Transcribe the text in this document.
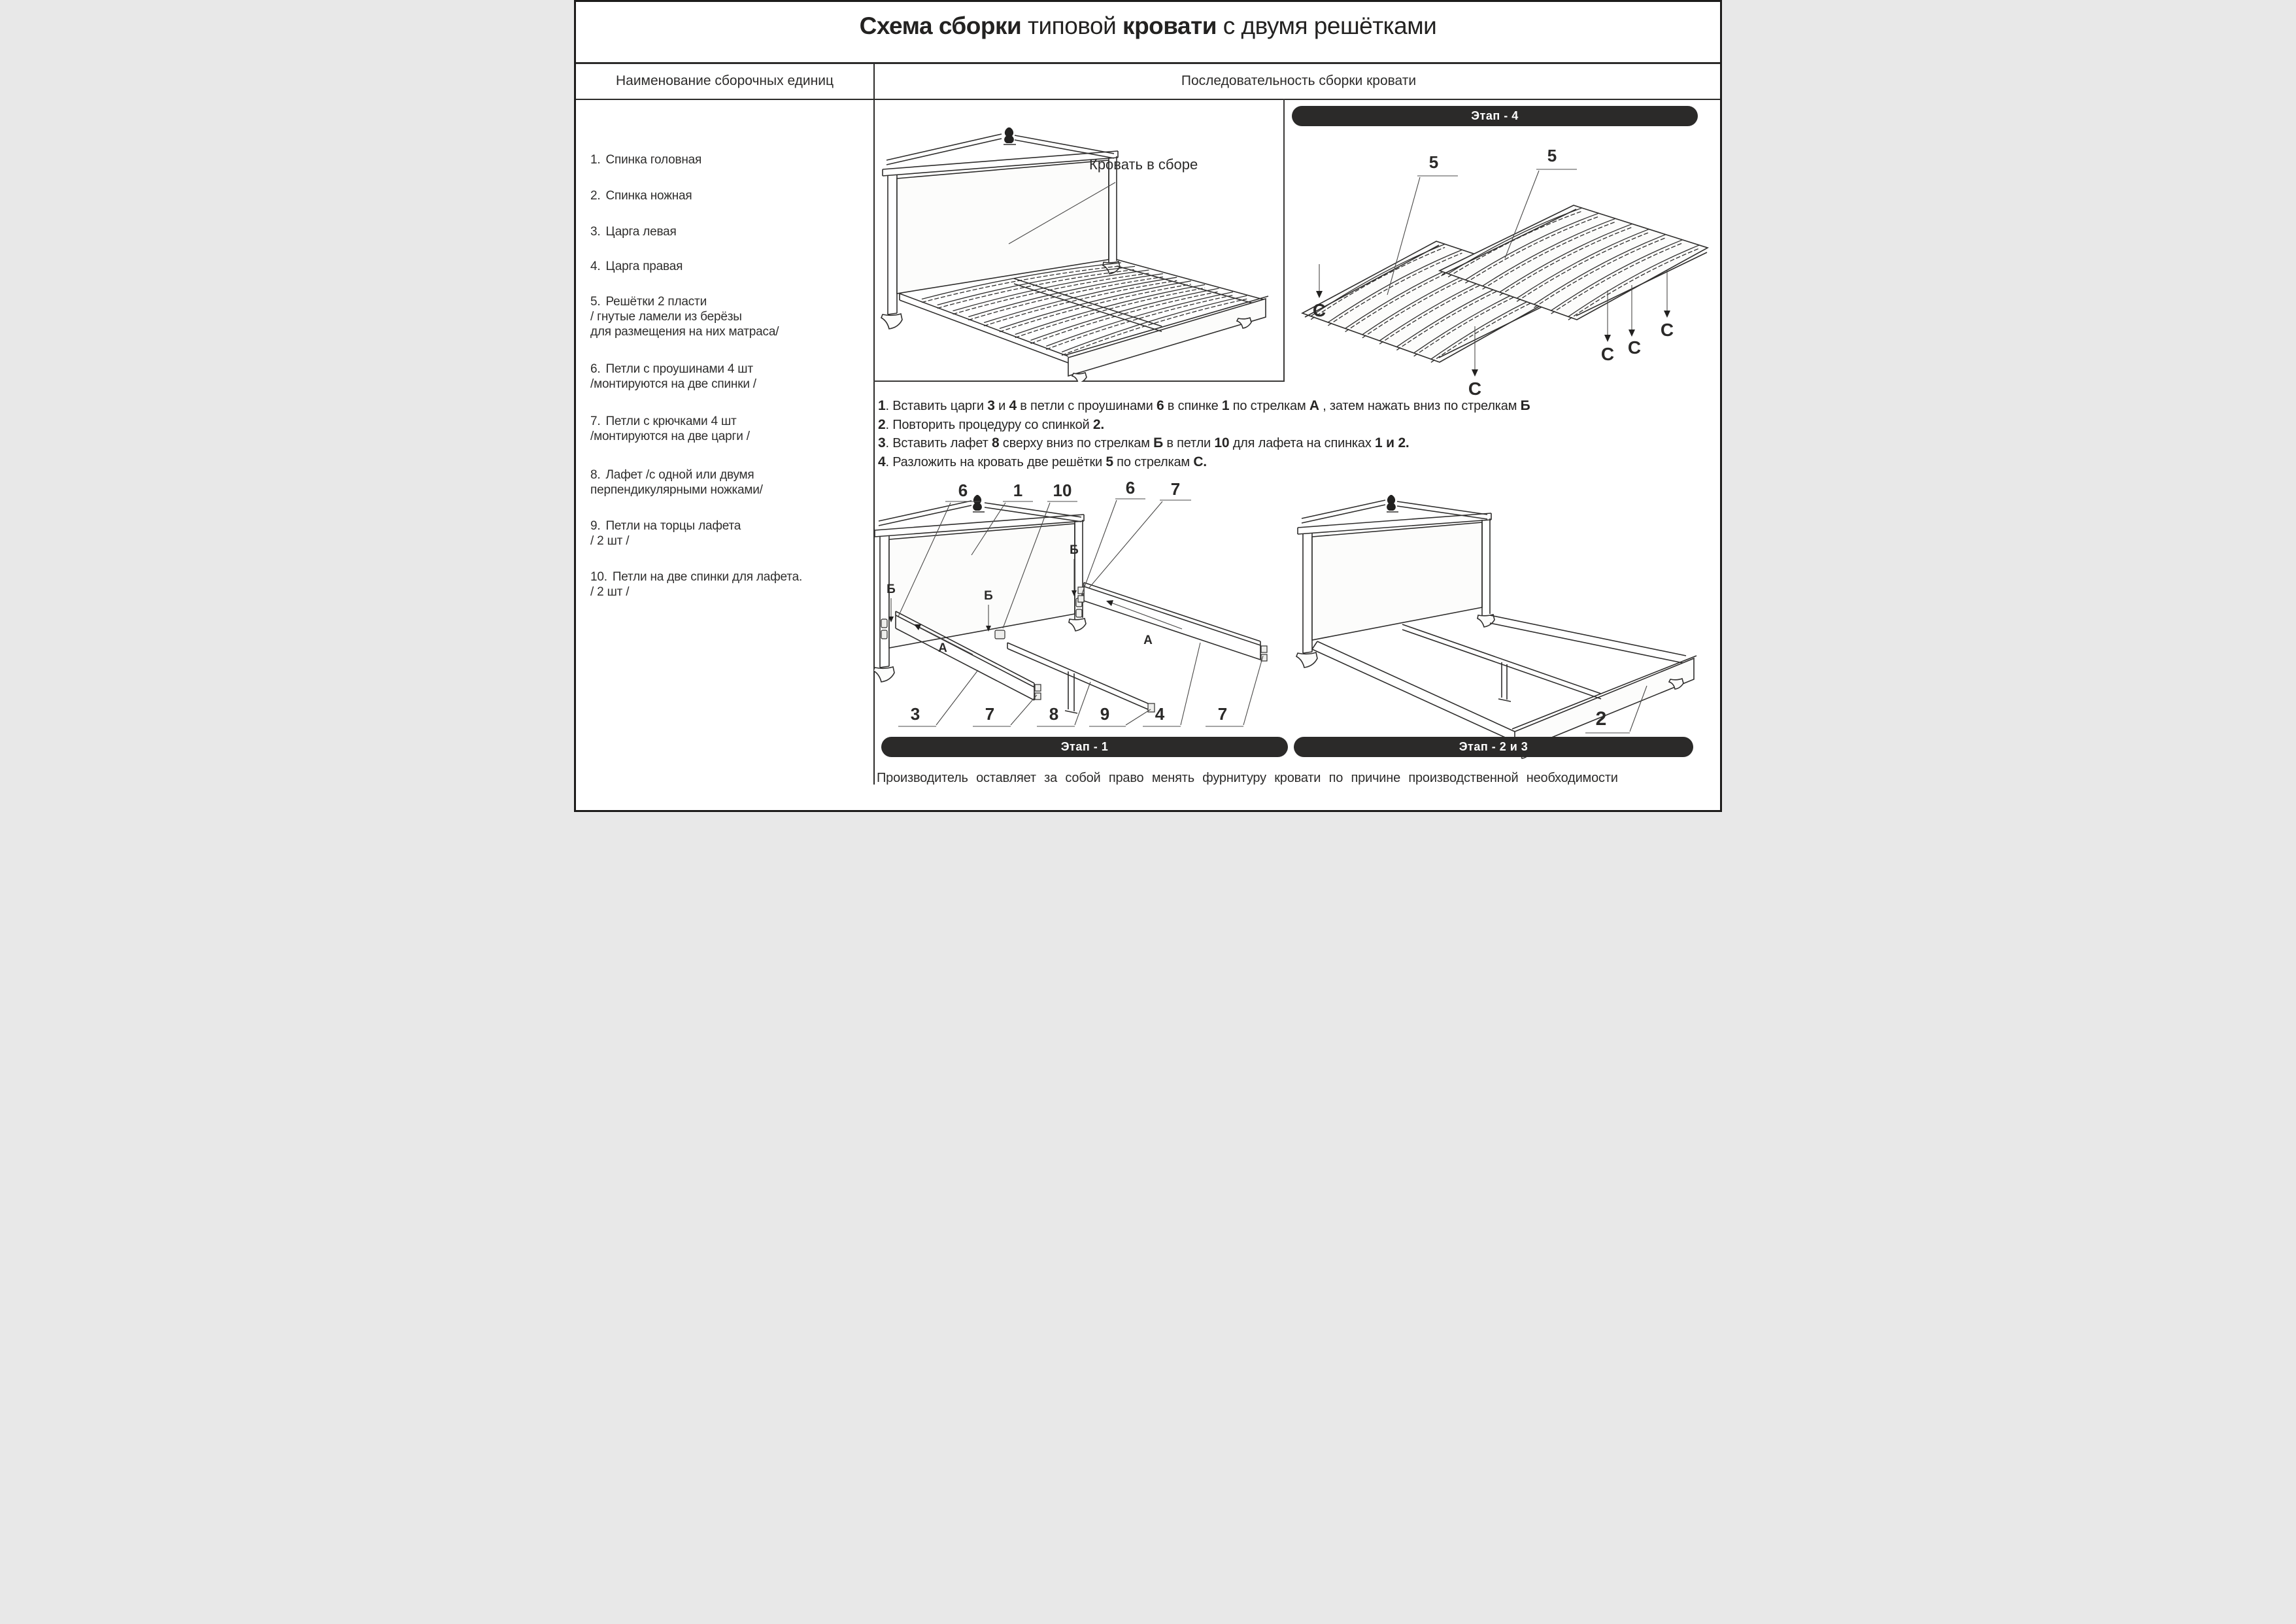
Схема сборки типовой кровати с двумя решётками
Наименование сборочных единиц	Последовательность сборки кровати
1. Спинка головная
2. Спинка ножная
3. Царга левая
4. Царга правая
5. Решётки 2 пласти
/ гнутые ламели из берёзы
для размещения на них матраса/
6. Петли с проушинами 4 шт
/монтируются на две спинки /
7. Петли с крючками 4 шт
/монтируются на две царги /
8. Лафет /с одной или двумя
перпендикулярными ножками/
9. Петли на торцы лафета
/ 2 шт /
10. Петли на две спинки для лафета.
/ 2 шт /
Кровать в сборе
Этап - 4
5	5
С
С
С С
С
1. Вставить царги 3 и 4 в петли с проушинами 6 в спинке 1 по стрелкам А , затем нажать вниз по стрелкам Б
2. Повторить процедуру со спинкой 2.
3. Вставить лафет 8 сверху вниз по стрелкам Б в петли 10 для лафета на спинках 1 и 2.
4. Разложить на кровать две решётки 5 по стрелкам С.
Б	Б
Б
А
А
6	1 10	6 7
3	7	8 9	4	7
Этап - 1
2
Этап - 2 и 3
Производитель оставляет за собой право менять фурнитуру кровати по причине производственной необходимости
